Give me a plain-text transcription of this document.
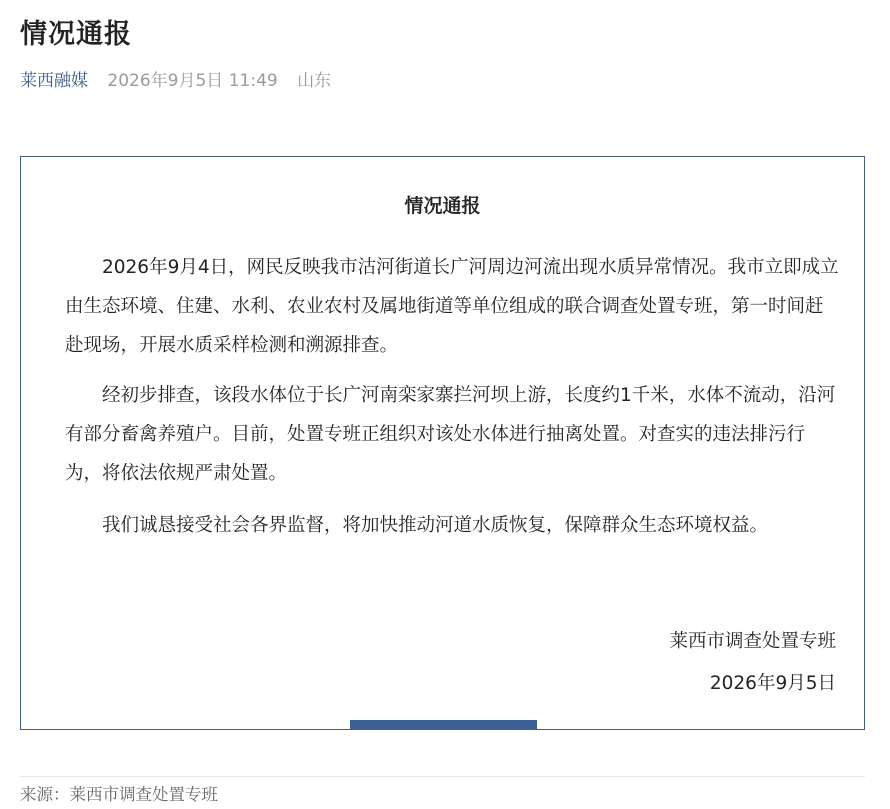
情况通报
莱西融媒 2026年9月5日 11:49 山东
情况通报

2026年9月4日，网民反映我市沽河街道长广河周边河流出现水质异常情况。我市立即成立由生态环境、住建、水利、农业农村及属地街道等单位组成的联合调查处置专班，第一时间赶赴现场，开展水质采样检测和溯源排查。

经初步排查，该段水体位于长广河南栾家寨拦河坝上游，长度约1千米，水体不流动，沿河有部分畜禽养殖户。目前，处置专班正组织对该处水体进行抽离处置。对查实的违法排污行为，将依法依规严肃处置。

我们诚恳接受社会各界监督，将加快推动河道水质恢复，保障群众生态环境权益。

莱西市调查处置专班
2026年9月5日
来源：莱西市调查处置专班
